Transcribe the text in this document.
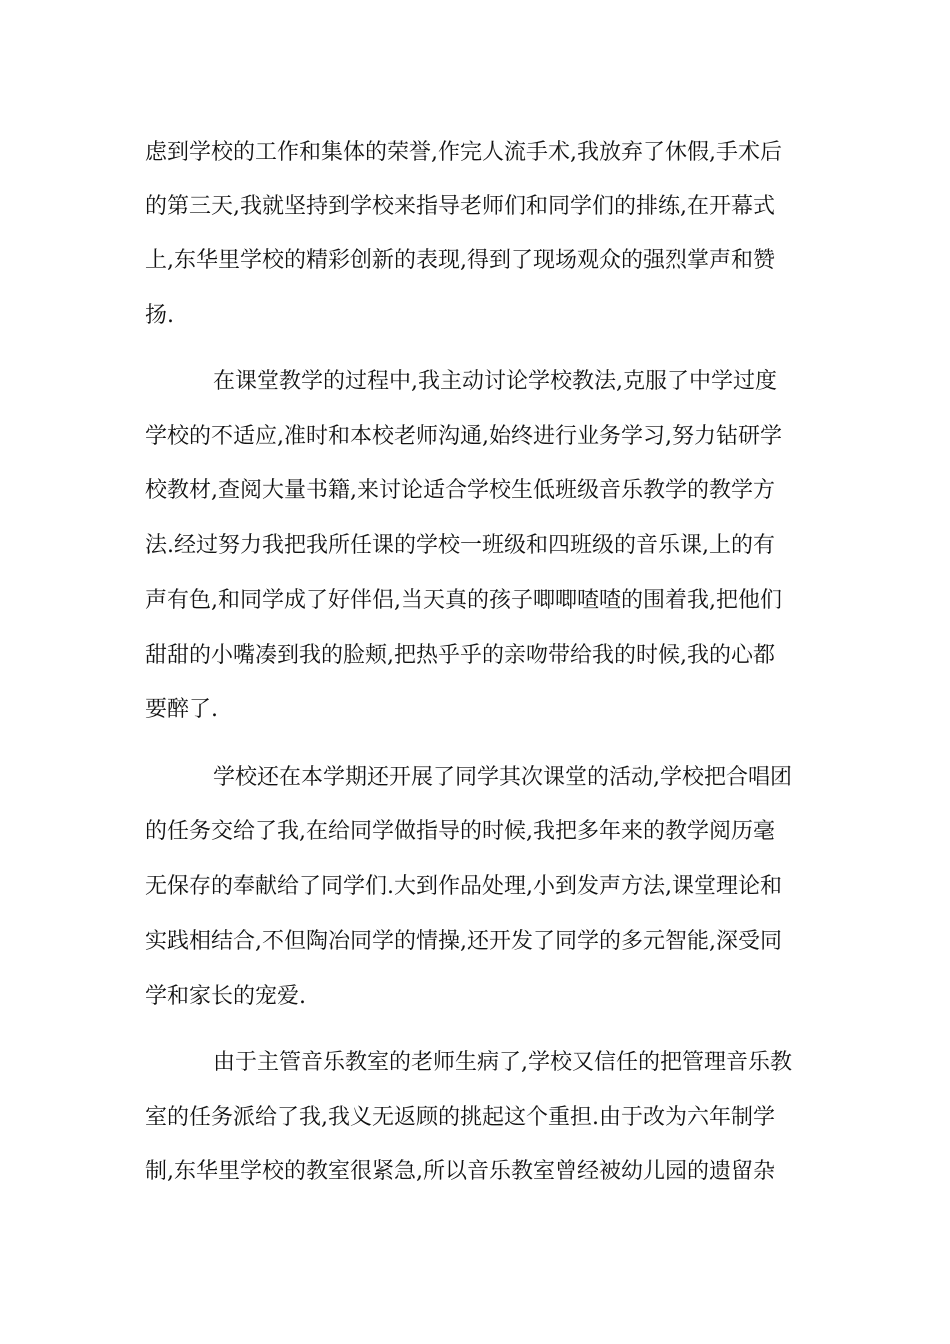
虑到学校的工作和集体的荣誉,作完人流手术,我放弃了休假,手术后
的第三天,我就坚持到学校来指导老师们和同学们的排练,在开幕式
上,东华里学校的精彩创新的表现,得到了现场观众的强烈掌声和赞
扬.
在课堂教学的过程中,我主动讨论学校教法,克服了中学过度
学校的不适应,准时和本校老师沟通,始终进行业务学习,努力钻研学
校教材,查阅大量书籍,来讨论适合学校生低班级音乐教学的教学方
法.经过努力我把我所任课的学校一班级和四班级的音乐课,上的有
声有色,和同学成了好伴侣,当天真的孩子唧唧喳喳的围着我,把他们
甜甜的小嘴凑到我的脸颊,把热乎乎的亲吻带给我的时候,我的心都
要醉了.
学校还在本学期还开展了同学其次课堂的活动,学校把合唱团
的任务交给了我,在给同学做指导的时候,我把多年来的教学阅历毫
无保存的奉献给了同学们.大到作品处理,小到发声方法,课堂理论和
实践相结合,不但陶冶同学的情操,还开发了同学的多元智能,深受同
学和家长的宠爱.
由于主管音乐教室的老师生病了,学校又信任的把管理音乐教
室的任务派给了我,我义无返顾的挑起这个重担.由于改为六年制学
制,东华里学校的教室很紧急,所以音乐教室曾经被幼儿园的遗留杂
